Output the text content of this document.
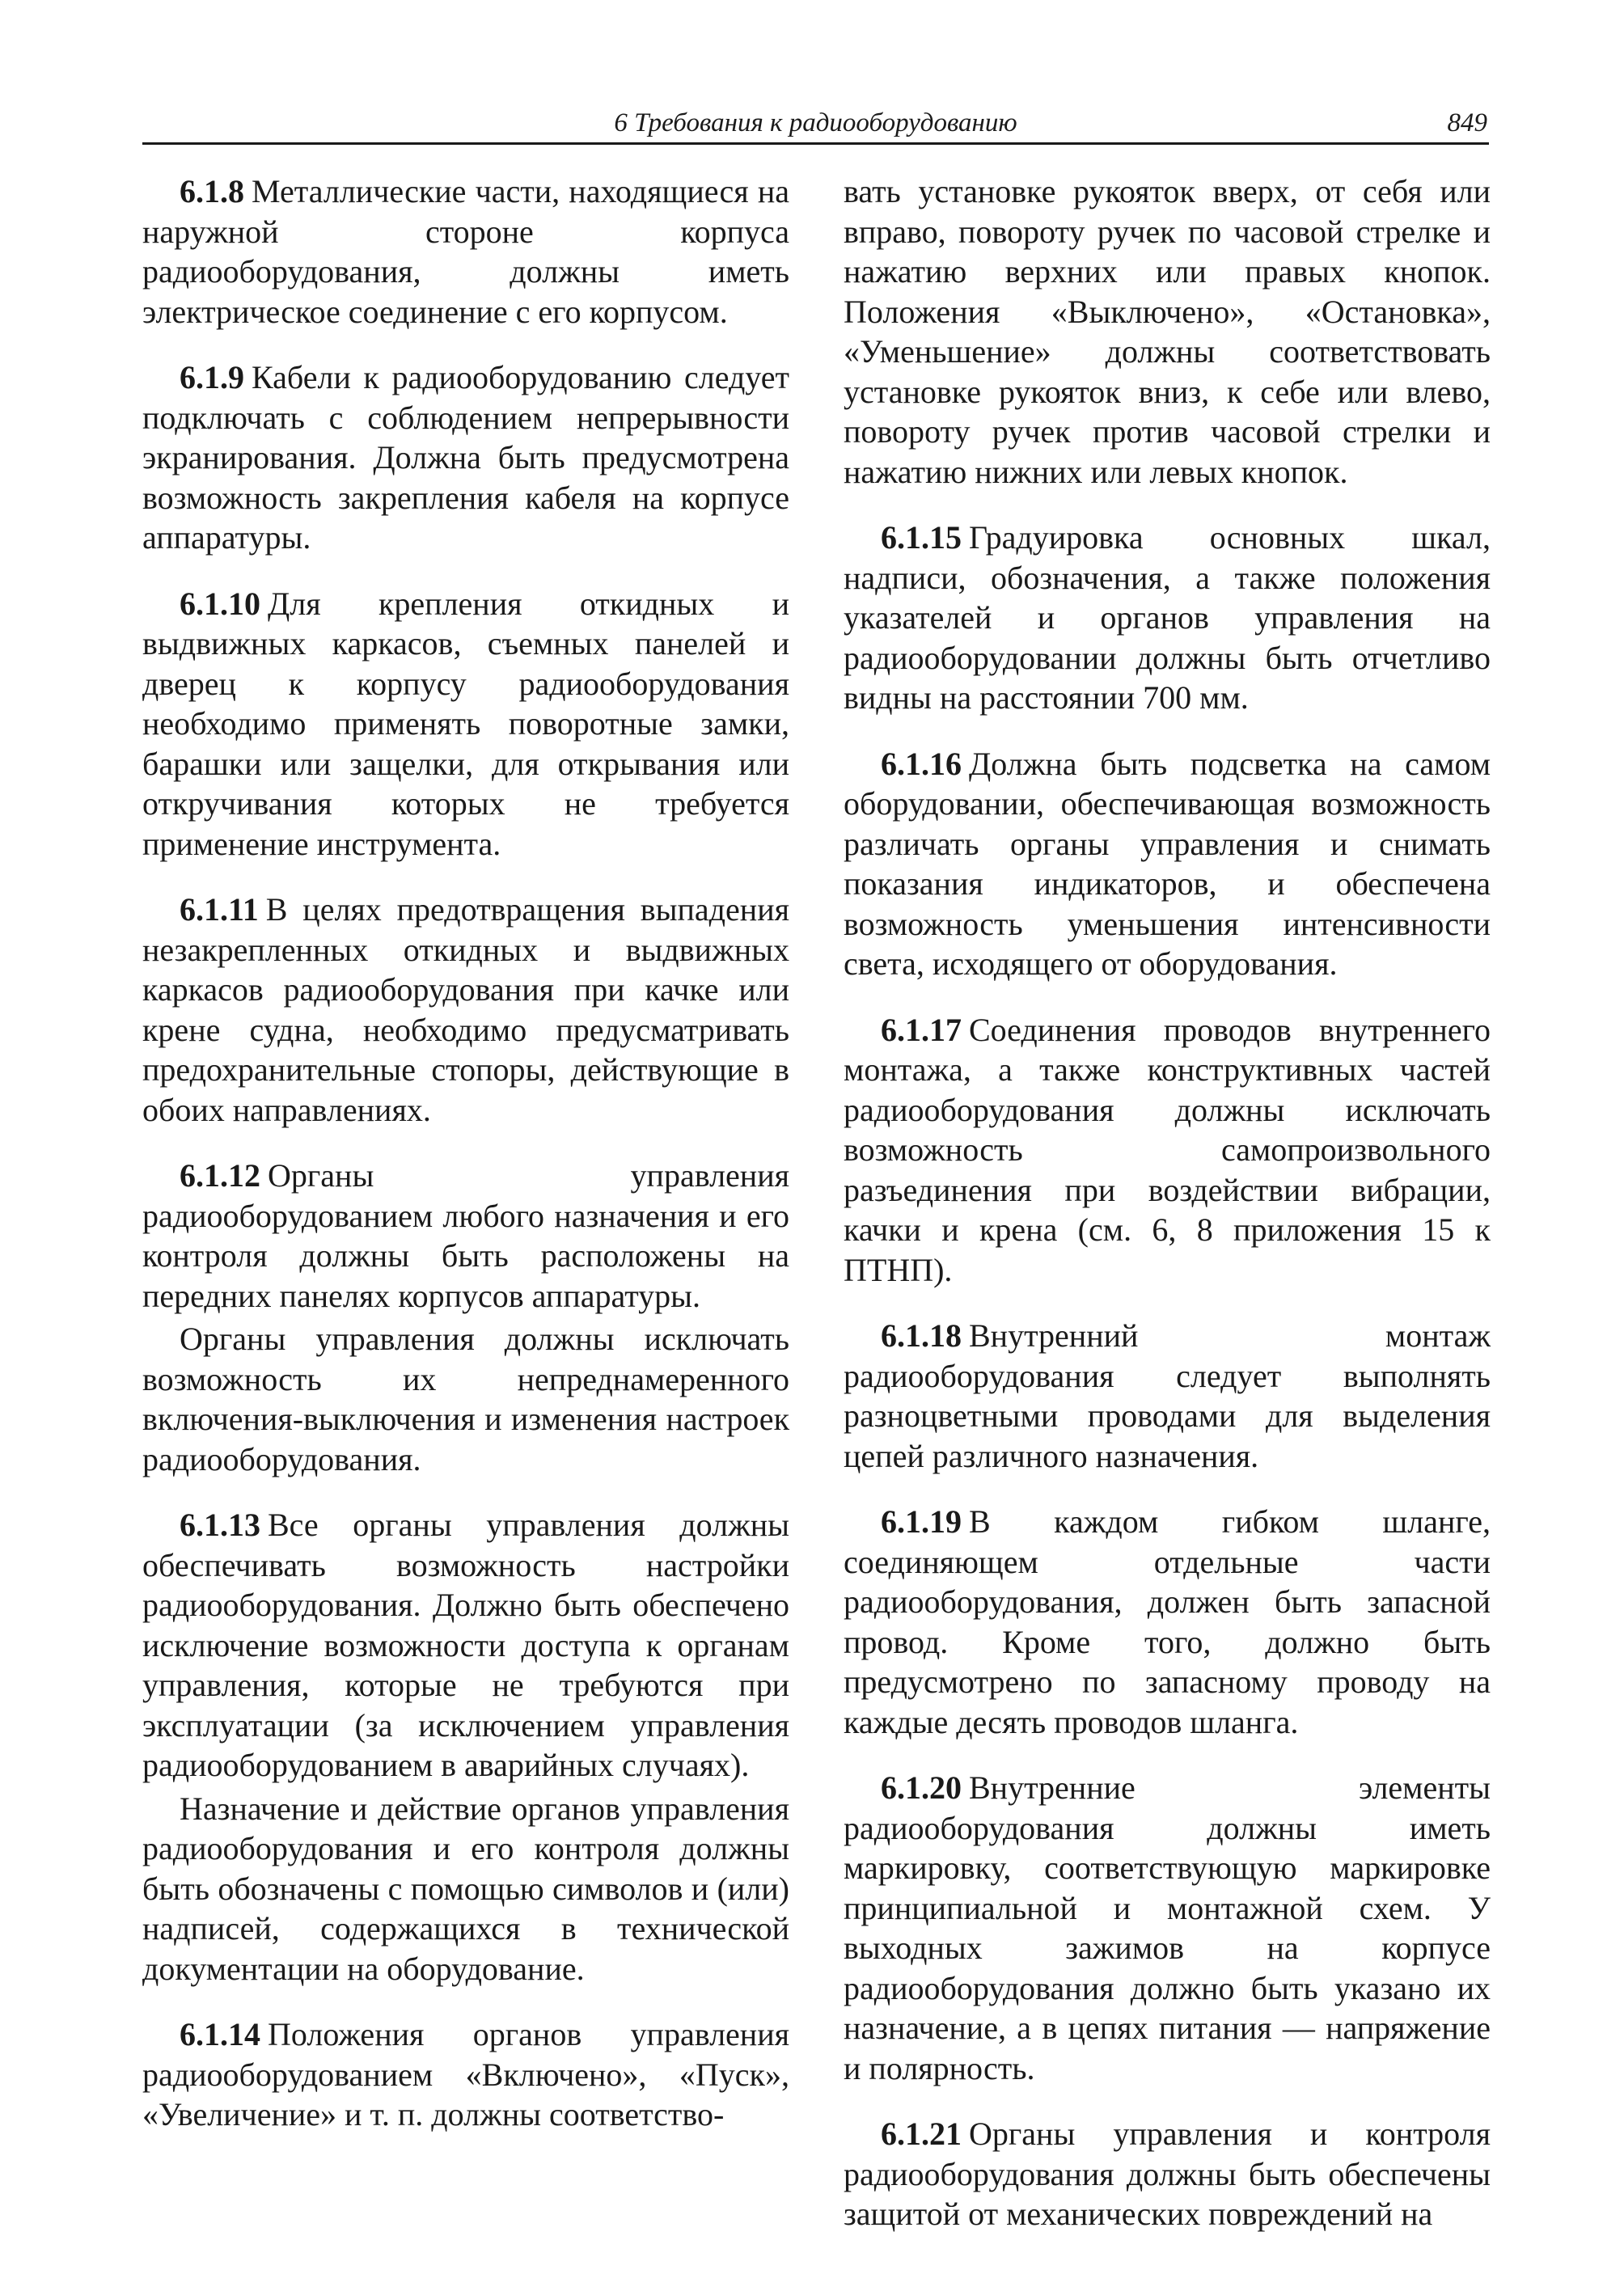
6 Требования к радиооборудованию	849

6.1.8 Металлические части, находящиеся на наружной стороне корпуса радиооборудования, должны иметь электрическое соединение с его корпусом.

6.1.9 Кабели к радиооборудованию следует подключать с соблюдением непрерывности экранирования. Должна быть предусмотрена возможность закрепления кабеля на корпусе аппаратуры.

6.1.10 Для крепления откидных и выдвижных каркасов, съемных панелей и дверец к корпусу радиооборудования необходимо применять поворотные замки, барашки или защелки, для открывания или откручивания которых не требуется применение инструмента.

6.1.11 В целях предотвращения выпадения незакрепленных откидных и выдвижных каркасов радиооборудования при качке или крене судна, необходимо предусматривать предохранительные стопоры, действующие в обоих направлениях.

6.1.12 Органы управления радиооборудованием любого назначения и его контроля должны быть расположены на передних панелях корпусов аппаратуры.

Органы управления должны исключать возможность их непреднамеренного включения-выключения и изменения настроек радиооборудования.

6.1.13 Все органы управления должны обеспечивать возможность настройки радиооборудования. Должно быть обеспечено исключение возможности доступа к органам управления, которые не требуются при эксплуатации (за исключением управления радиооборудованием в аварийных случаях).

Назначение и действие органов управления радиооборудования и его контроля должны быть обозначены с помощью символов и (или) надписей, содержащихся в технической документации на оборудование.

6.1.14 Положения органов управления радиооборудованием «Включено», «Пуск», «Увеличение» и т. п. должны соответство-

вать установке рукояток вверх, от себя или вправо, повороту ручек по часовой стрелке и нажатию верхних или правых кнопок. Положения «Выключено», «Остановка», «Уменьшение» должны соответствовать установке рукояток вниз, к себе или влево, повороту ручек против часовой стрелки и нажатию нижних или левых кнопок.

6.1.15 Градуировка основных шкал, надписи, обозначения, а также положения указателей и органов управления на радиооборудовании должны быть отчетливо видны на расстоянии 700 мм.

6.1.16 Должна быть подсветка на самом оборудовании, обеспечивающая возможность различать органы управления и снимать показания индикаторов, и обеспечена возможность уменьшения интенсивности света, исходящего от оборудования.

6.1.17 Соединения проводов внутреннего монтажа, а также конструктивных частей радиооборудования должны исключать возможность самопроизвольного разъединения при воздействии вибрации, качки и крена (см. 6, 8 приложения 15 к ПТНП).

6.1.18 Внутренний монтаж радиооборудования следует выполнять разноцветными проводами для выделения цепей различного назначения.

6.1.19 В каждом гибком шланге, соединяющем отдельные части радиооборудования, должен быть запасной провод. Кроме того, должно быть предусмотрено по запасному проводу на каждые десять проводов шланга.

6.1.20 Внутренние элементы радиооборудования должны иметь маркировку, соответствующую маркировке принципиальной и монтажной схем. У выходных зажимов на корпусе радиооборудования должно быть указано их назначение, а в цепях питания — напряжение и полярность.

6.1.21 Органы управления и контроля радиооборудования должны быть обеспечены защитой от механических повреждений на
